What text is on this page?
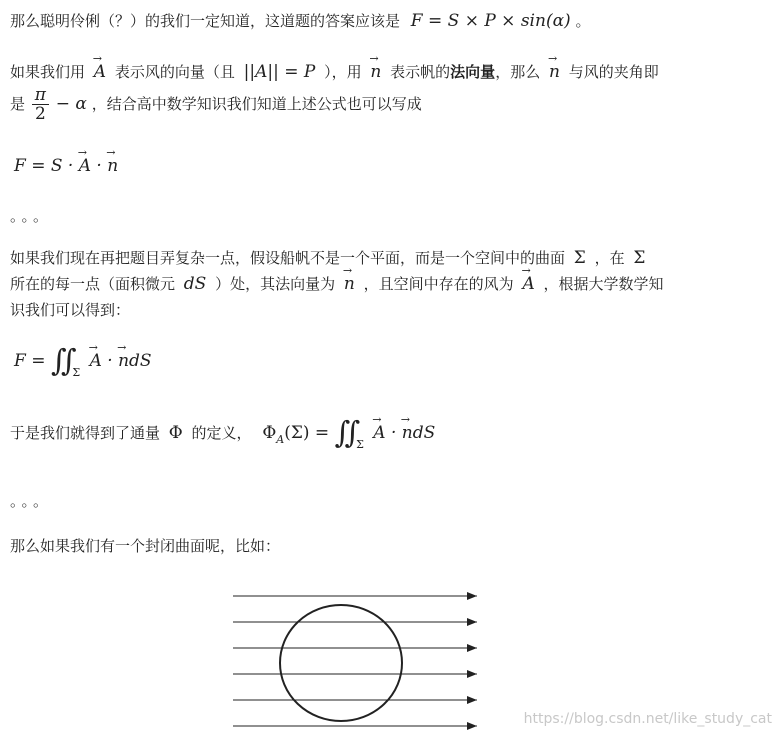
那么聪明伶俐（？）的我们一定知道，这道题的答案应该是 F = S × P × sin(α) 。
如果我们用 → A 表示风的向量（且 ||A|| = P ），用 → n 表示帆的法向量，那么 → n 与风的夹角即
是 $\frac{\pi}{2} - \alpha$ ，结合高中数学知识我们知道上述公式也可以写成
F = S · → A · → n
。。。
如果我们现在再把题目弄复杂一点，假设船帆不是一个平面，而是一个空间中的曲面 Σ ，在 Σ
所在的每一点（面积微元 dS ）处，其法向量为 → n ，且空间中存在的风为 → A ，根据大学数学知
识我们可以得到：
F = ∬ $_\Sigma$ → A · → ndS
于是我们就得到了通量 Φ 的定义， $\Phi_A(\Sigma)$ = ∬ $_\Sigma$ → A · → ndS
。。。
那么如果我们有一个封闭曲面呢，比如：
https://blog.csdn.net/like_study_cat
